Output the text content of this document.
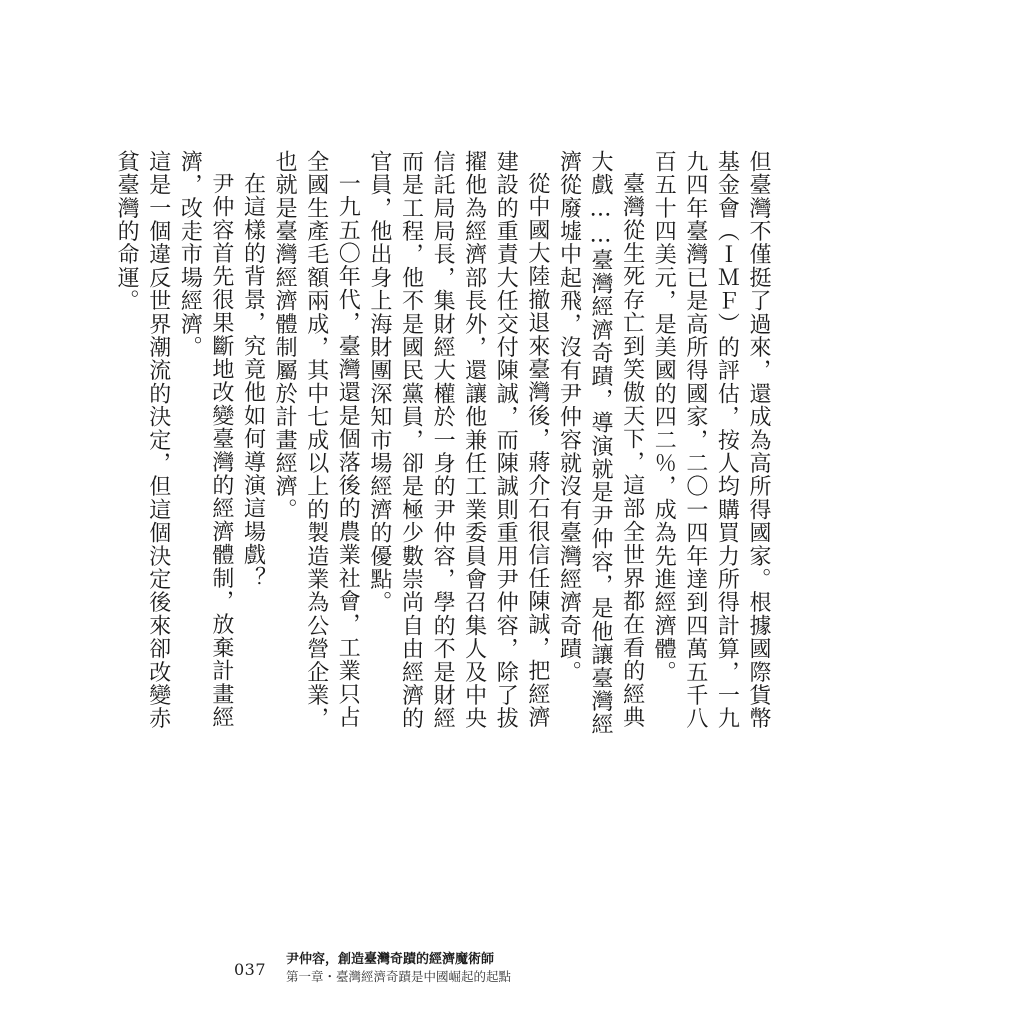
但臺灣不僅挺了過來，還成為高所得國家。根據國際貨幣基金會（ＩＭＦ）的評估，按人均購買力所得計算，一九九四年臺灣已是高所得國家，二〇一四年達到四萬五千八百五十四美元，是美國的四二％，成為先進經濟體。

臺灣從生死存亡到笑傲天下，這部全世界都在看的經典大戲……臺灣經濟奇蹟，導演就是尹仲容，是他讓臺灣經濟從廢墟中起飛，沒有尹仲容就沒有臺灣經濟奇蹟。

從中國大陸撤退來臺灣後，蔣介石很信任陳誠，把經濟建設的重責大任交付陳誠，而陳誠則重用尹仲容，除了拔擢他為經濟部長外，還讓他兼任工業委員會召集人及中央信託局局長，集財經大權於一身的尹仲容，學的不是財經而是工程，他不是國民黨員，卻是極少數崇尚自由經濟的官員，他出身上海財團深知市場經濟的優點。

一九五〇年代，臺灣還是個落後的農業社會，工業只占全國生產毛額兩成，其中七成以上的製造業為公營企業，也就是臺灣經濟體制屬於計畫經濟。

在這樣的背景，究竟他如何導演這場戲？

尹仲容首先很果斷地改變臺灣的經濟體制，放棄計畫經濟，改走市場經濟。

這是一個違反世界潮流的決定，但這個決定後來卻改變赤貧臺灣的命運。

037
尹仲容，創造臺灣奇蹟的經濟魔術師
第一章・臺灣經濟奇蹟是中國崛起的起點
